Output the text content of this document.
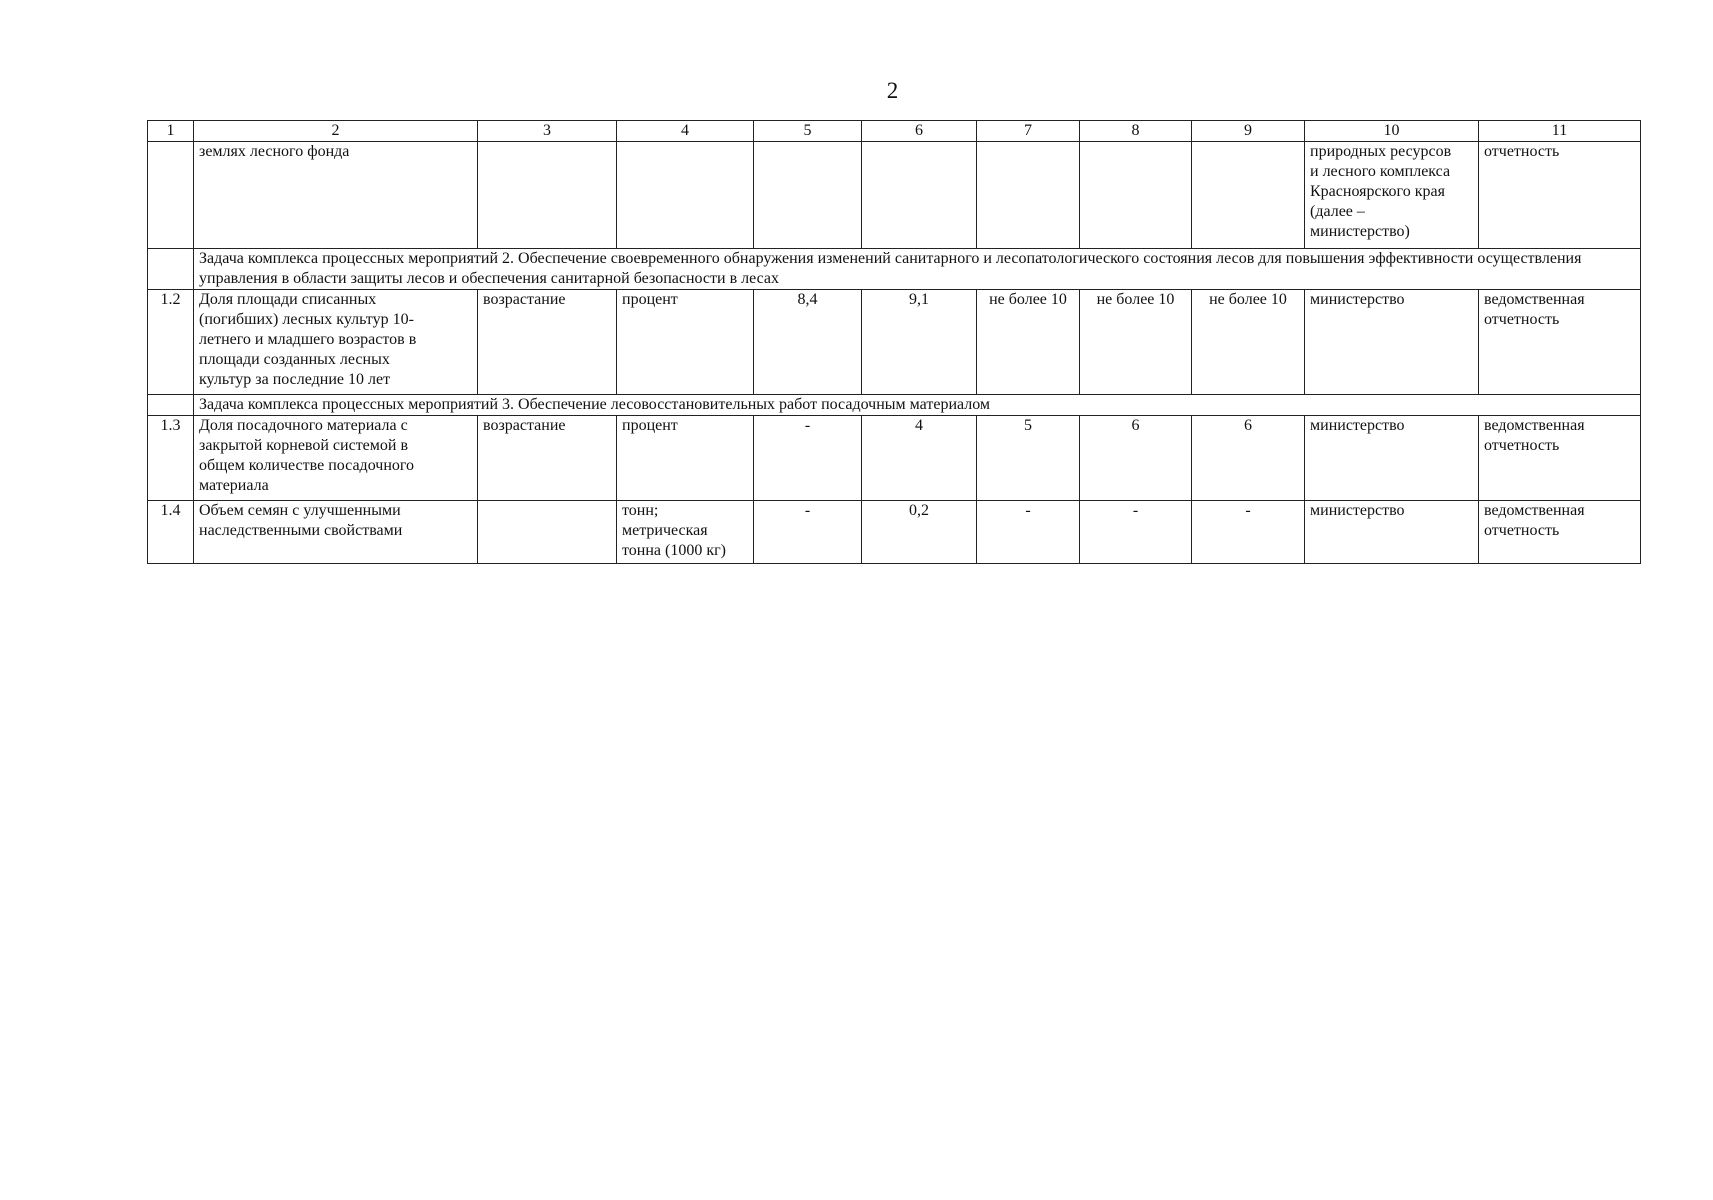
2
1	2	3	4	5	6	7	8	9	10	11
	землях лесного фонда								природных ресурсов
и лесного комплекса
Красноярского края
(далее –
министерство)	отчетность
	Задача комплекса процессных мероприятий 2. Обеспечение своевременного обнаружения изменений санитарного и лесопатологического состояния лесов для повышения эффективности осуществления управления в области защиты лесов и обеспечения санитарной безопасности в лесах									
1.2	Доля площади списанных
(погибших) лесных культур 10-
летнего и младшего возрастов в
площади созданных лесных
культур за последние 10 лет	возрастание	процент	8,4	9,1	не более 10	не более 10	не более 10	министерство	ведомственная
отчетность

	Задача комплекса процессных мероприятий 3. Обеспечение лесовосстановительных работ посадочным материалом									
1.3	Доля посадочного материала с
закрытой корневой системой в
общем количестве посадочного
материала	возрастание	процент	-	4	5	6	6	министерство	ведомственная
отчетность

1.4	Объем семян с улучшенными
наследственными свойствами		тонн;
метрическая
тонна (1000 кг)	-	0,2	-	-	-	министерство	ведомственная
отчетность
